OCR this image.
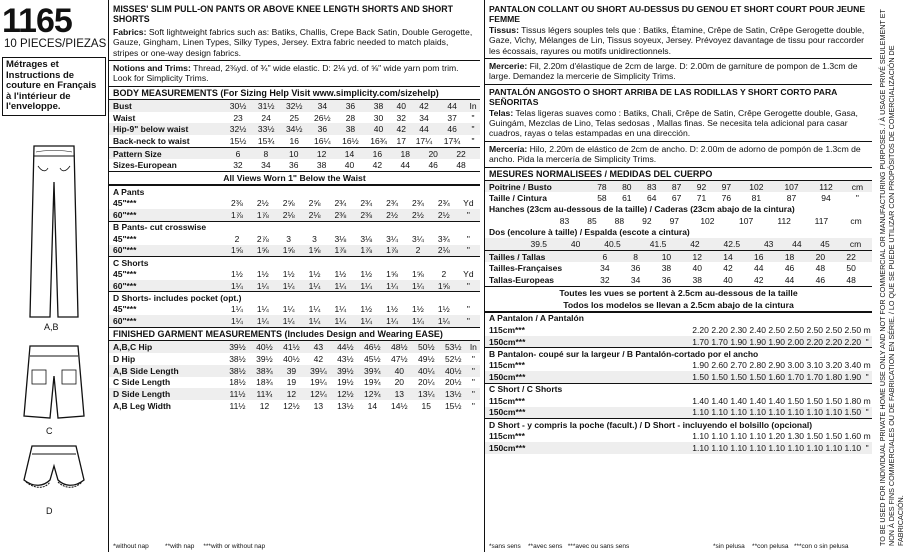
1165
10 PIECES/PIEZAS
Métrages et Instructions de couture en Français à l'intérieur de l'enveloppe.
A,B
C
D
MISSES' SLIM PULL-ON PANTS OR ABOVE KNEE LENGTH SHORTS AND SHORT SHORTS
Fabrics: Soft lightweight fabrics such as: Batiks, Challis, Crepe Back Satin, Double Gerogette, Gauze, Gingham, Linen Types, Silky Types, Jersey. Extra fabric needed to match plaids, stripes or one-way design fabrics.
Notions and Trims: Thread, 2⅜yd. of ¾" wide elastic. D: 2⅛ yd. of ⅝" wide yarn pom trim. Look for Simplicity Trims.
BODY MEASUREMENTS (For Sizing Help Visit www.simplicity.com/sizehelp)
Bust	30½	31½	32½	34	36	38	40	42	44	In
Waist	23	24	25	26½	28	30	32	34	37	"
Hip-9" below waist	32½	33½	34½	36	38	40	42	44	46	"
Back-neck to waist	15½	15¾	16	16¼	16½	16¾	17	17¼	17¾	"
Pattern Size	6	8	10	12	14	16	18	20	22	
Sizes-European	32	34	36	38	40	42	44	46	48	
All Views Worn 1" Below the Waist
A Pants										
45"***	2⅜	2½	2⅝	2⅝	2¾	2¾	2¾	2¾	2¾	Yd
60"***	1⅞	1⅞	2⅛	2⅛	2⅜	2⅜	2½	2½	2½	"
B Pants- cut crosswise										
45"***	2	2⅞	3	3	3⅛	3⅛	3¼	3¼	3¾	"
60"***	1⅝	1⅝	1⅝	1⅝	1⅞	1⅞	1⅞	2	2⅛	"
C Shorts										
45"***	1½	1½	1½	1½	1½	1½	1⅝	1⅝	2	Yd
60"***	1¼	1¼	1¼	1¼	1¼	1¼	1¼	1¼	1⅝	"
D Shorts- includes pocket (opt.)										
45"***	1¼	1¼	1¼	1¼	1¼	1½	1½	1½	1½	"
60"***	1¼	1¼	1¼	1¼	1¼	1¼	1¼	1¼	1¼	"
FINISHED GARMENT MEASUREMENTS (Includes Design and Wearing EASE)
A,B,C Hip	39½	40½	41½	43	44½	46½	48½	50½	53½	In
D Hip	38½	39½	40½	42	43½	45½	47½	49½	52½	"
A,B Side Length	38½	38¾	39	39¼	39½	39¾	40	40¼	40½	"
C Side Length	18½	18¾	19	19¼	19½	19¾	20	20¼	20½	"
D Side Length	11½	11¾	12	12¼	12½	12¾	13	13¼	13½	"
A,B Leg Width	11½	12	12½	13	13½	14	14½	15	15½	"
*without nap	**with nap ***with or without nap
PANTALON COLLANT OU SHORT AU-DESSUS DU GENOU ET SHORT COURT POUR JEUNE FEMME
Tissus: Tissus légers souples tels que : Batiks, Étamine, Crêpe de Satin, Crêpe Gerogette double, Gaze, Vichy, Mélanges de Lin, Tissus soyeux, Jersey. Prévoyez davantage de tissu pour raccorder les écossais, rayures ou motifs unidirectionnels.
Mercerie: Fil, 2.20m d'élastique de 2cm de large. D: 2.00m de garniture de pompon de 1.3cm de large. Demandez la mercerie de Simplicity Trims.
PANTALÓN ANGOSTO O SHORT ARRIBA DE LAS RODILLAS Y SHORT CORTO PARA SEÑORITAS
Telas: Telas ligeras suaves como : Batiks, Chali, Crêpe de Satin, Crêpe Gerogette double, Gasa, Guingám, Mezclas de Lino, Telas sedosas , Mallas finas. Se necesita tela adicional para casar cuadros, rayas o telas estampadas en una dirección.
Mercería: Hilo, 2.20m de elástico de 2cm de ancho. D: 2.00m de adorno de pompón de 1.3cm de ancho. Pida la mercería de Simplicity Trims.
MESURES NORMALISEES / MEDIDAS DEL CUERPO
Poitrine / Busto	78	80	83	87	92	97	102	107	112	cm
Taille / Cintura	58	61	64	67	71	76	81	87	94	"
Hanches (23cm au-dessous de la taille) / Caderas (23cm abajo de la cintura)
	83	85	88	92	97	102	107	112	117	cm
Dos (encolure à taille) / Espalda (escote a cintura)
	39.5	40	40.5	41.5	42	42.5	43	44	45	cm
Tailles / Tallas	6	8	10	12	14	16	18	20	22	
Tailles-Françaises	34	36	38	40	42	44	46	48	50	
Tallas-Europeas	32	34	36	38	40	42	44	46	48	
Toutes les vues se portent à 2.5cm au-dessous de la taille
Todos los modelos se llevan a 2.5cm abajo de la cintura
A Pantalon / A Pantalón										
115cm***	2.20	2.20	2.30	2.40	2.50	2.50	2.50	2.50	2.50	m
150cm***	1.70	1.70	1.90	1.90	1.90	2.00	2.20	2.20	2.20	"
B Pantalon- coupé sur la largeur / B Pantalón-cortado por el ancho										
115cm***	1.90	2.60	2.70	2.80	2.90	3.00	3.10	3.20	3.40	m
150cm***	1.50	1.50	1.50	1.50	1.60	1.70	1.70	1.80	1.90	"
C Short / C Shorts										
115cm***	1.40	1.40	1.40	1.40	1.40	1.50	1.50	1.50	1.80	m
150cm***	1.10	1.10	1.10	1.10	1.10	1.10	1.10	1.10	1.50	"
D Short - y compris la poche (facult.) / D Short - incluyendo el bolsillo (opcional)										
115cm***	1.10	1.10	1.10	1.10	1.20	1.30	1.50	1.50	1.60	m
150cm***	1.10	1.10	1.10	1.10	1.10	1.10	1.10	1.10	1.10	"
*sans sens **avec sens ***avec ou sans sens	*sin pelusa **con pelusa ***con o sin pelusa
TO BE USED FOR INDIVIDUAL PRIVATE HOME USE ONLY AND NOT FOR COMMERCIAL OR MANUFACTURING PURPOSES. / À USAGE PRIVÉ SEULEMENT ET NON À DES FINS COMMERCIALES OU DE FABRICATION EN SÉRIE. / LO QUE SE PUEDE UTILIZAR CON PROPÓSITOS DE COMERCIALIZACIÓN DE FABRICACIÓN.
